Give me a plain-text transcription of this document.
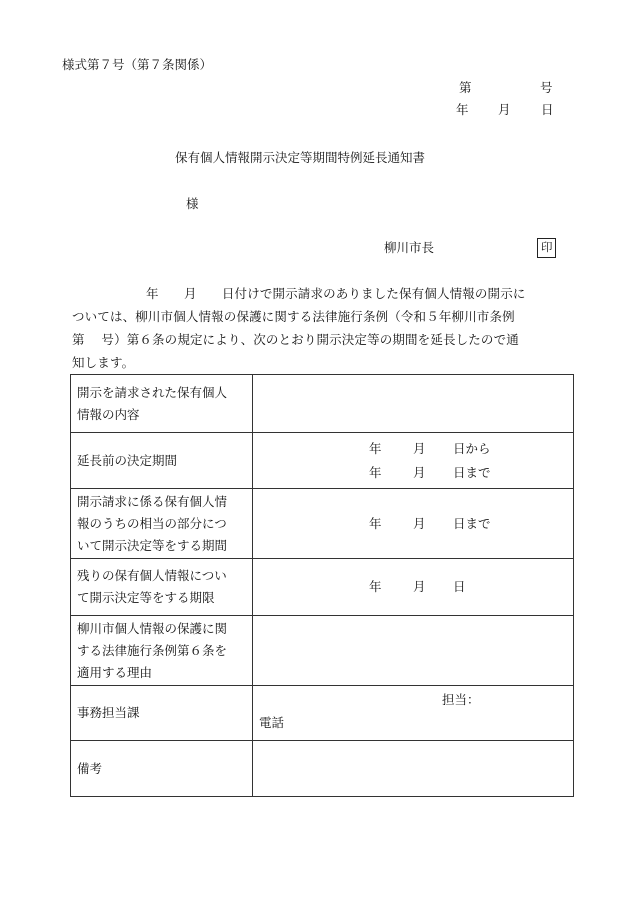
様式第７号（第７条関係）
第	号
年 月 日
保有個人情報開示決定等期間特例延長通知書
様
柳川市長	印
年　　月　　日付けで開示請求のありました保有個人情報の開示に
ついては、柳川市個人情報の保護に関する法律施行条例（令和５年柳川市条例
第　 号）第６条の規定により、次のとおり開示決定等の期間を延長したので通
知します。
開示を請求された保有個人
情報の内容	

延長前の決定期間	年 月 日から
年 月 日まで

開示請求に係る保有個人情
報のうちの相当の部分につ
いて開示決定等をする期間	年 月 日まで

残りの保有個人情報につい
て開示決定等をする期限	年 月 日

柳川市個人情報の保護に関
する法律施行条例第６条を
適用する理由	

事務担当課	担当：
電話

備考	
